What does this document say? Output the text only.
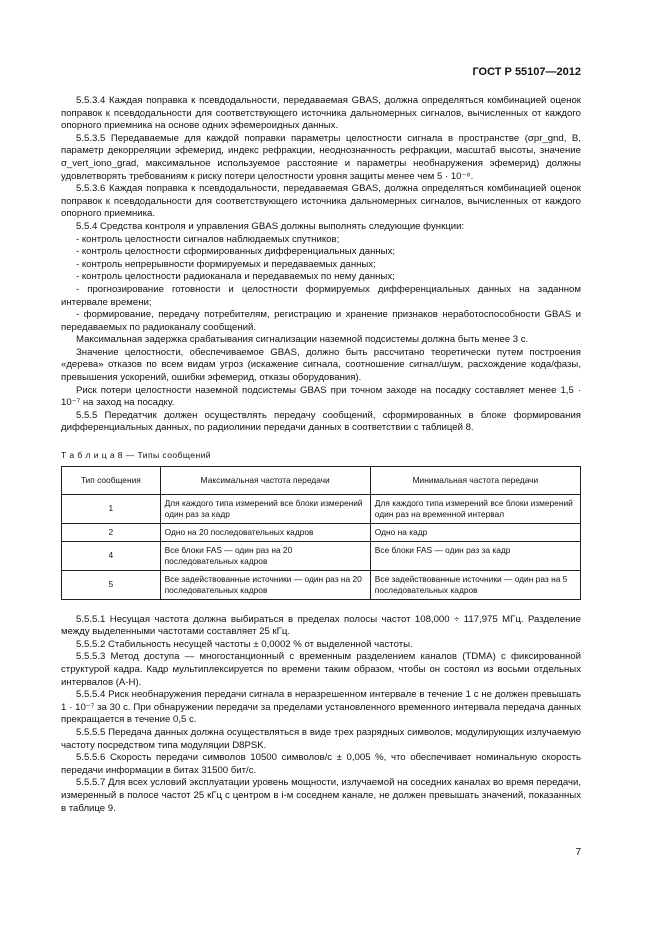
ГОСТ Р 55107—2012

5.5.3.4 Каждая поправка к псевдодальности, передаваемая GBAS, должна определяться комбинацией оценок поправок к псевдодальности для соответствующего источника дальномерных сигналов, вычисленных от каждого опорного приемника на основе одних эфемероидных данных.

5.5.3.5 Передаваемые для каждой поправки параметры целостности сигнала в пространстве (σpr_gnd, B, параметр декорреляции эфемерид, индекс рефракции, неоднозначность рефракции, масштаб высоты, значение σ_vert_iono_grad, максимальное используемое расстояние и параметры необнаружения эфемерид) должны удовлетворять требованиям к риску потери целостности уровня защиты менее чем 5 · 10⁻⁸.

5.5.3.6 Каждая поправка к псевдодальности, передаваемая GBAS, должна определяться комбинацией оценок поправок к псевдодальности для соответствующего источника дальномерных сигналов, вычисленных от каждого опорного приемника.

5.5.4 Средства контроля и управления GBAS должны выполнять следующие функции:

- контроль целостности сигналов наблюдаемых спутников;

- контроль целостности сформированных дифференциальных данных;

- контроль непрерывности формируемых и передаваемых данных;

- контроль целостности радиоканала и передаваемых по нему данных;

- прогнозирование готовности и целостности формируемых дифференциальных данных на заданном интервале времени;

- формирование, передачу потребителям, регистрацию и хранение признаков неработоспособности GBAS и передаваемых по радиоканалу сообщений.

Максимальная задержка срабатывания сигнализации наземной подсистемы должна быть менее 3 с.

Значение целостности, обеспечиваемое GBAS, должно быть рассчитано теоретически путем построения «дерева» отказов по всем видам угроз (искажение сигнала, соотношение сигнал/шум, расхождение кода/фазы, превышения ускорений, ошибки эфемерид, отказы оборудования).

Риск потери целостности наземной подсистемы GBAS при точном заходе на посадку составляет менее 1,5 · 10⁻⁷ на заход на посадку.

5.5.5 Передатчик должен осуществлять передачу сообщений, сформированных в блоке формирования дифференциальных данных, по радиолинии передачи данных в соответствии с таблицей 8.

Т а б л и ц а 8 — Типы сообщений
Тип сообщения	Максимальная частота передачи	Минимальная частота передачи
1	Для каждого типа измерений все блоки измерений один раз за кадр	Для каждого типа измерений все блоки измерений один раз на временной интервал
2	Одно на 20 последовательных кадров	Одно на кадр
4	Все блоки FAS — один раз на 20 последовательных кадров	Все блоки FAS — один раз за кадр
5	Все задействованные источники — один раз на 20 последовательных кадров	Все задействованные источники — один раз на 5 последовательных кадров

5.5.5.1 Несущая частота должна выбираться в пределах полосы частот 108,000 ÷ 117,975 МГц. Разделение между выделенными частотами составляет 25 кГц.

5.5.5.2 Стабильность несущей частоты ± 0,0002 % от выделенной частоты.

5.5.5.3 Метод доступа — многостанционный с временным разделением каналов (TDMA) с фиксированной структурой кадра. Кадр мультиплексируется по времени таким образом, чтобы он состоял из восьми отдельных интервалов (A-H).

5.5.5.4 Риск необнаружения передачи сигнала в неразрешенном интервале в течение 1 с не должен превышать 1 · 10⁻⁷ за 30 с. При обнаружении передачи за пределами установленного временного интервала передача данных прекращается в течение 0,5 с.

5.5.5.5 Передача данных должна осуществляться в виде трех разрядных символов, модулирующих излучаемую частоту посредством типа модуляции D8PSK.

5.5.5.6 Скорость передачи символов 10500 символов/с ± 0,005 %, что обеспечивает номинальную скорость передачи информации в битах 31500 бит/с.

5.5.5.7 Для всех условий эксплуатации уровень мощности, излучаемой на соседних каналах во время передачи, измеренный в полосе частот 25 кГц с центром в i-м соседнем канале, не должен превышать значений, показанных в таблице 9.

7
